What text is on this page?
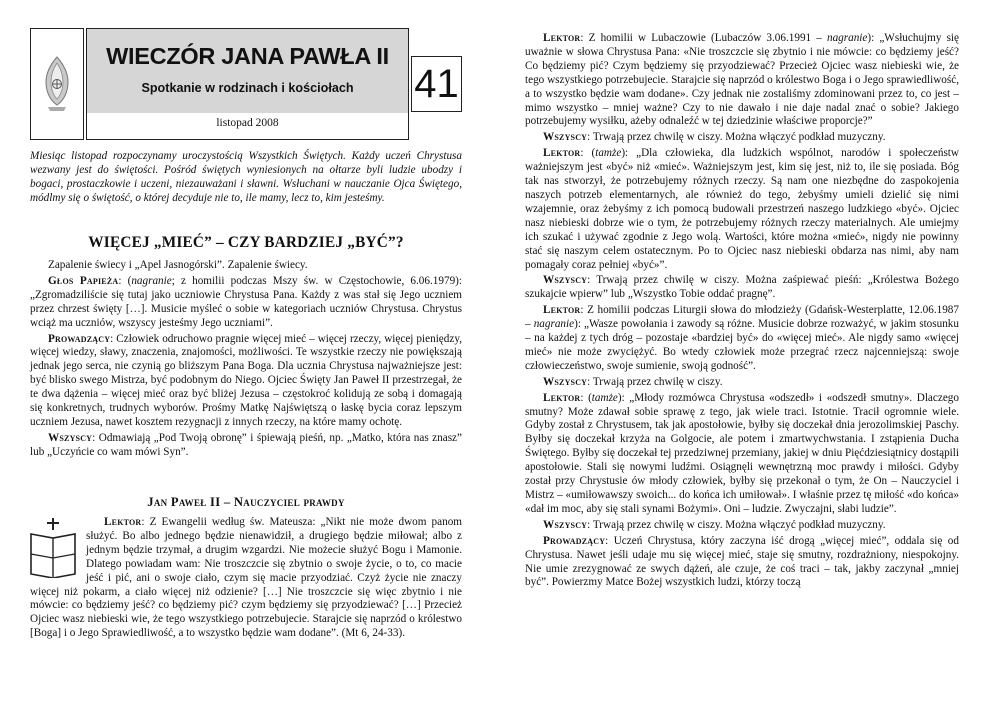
WIECZÓR JANA PAWŁA II
Spotkanie w rodzinach i kościołach
listopad 2008
41

Miesiąc listopad rozpoczynamy uroczystością Wszystkich Świętych. Każdy uczeń Chrystusa wezwany jest do świętości. Pośród świętych wyniesionych na ołtarze byli ludzie ubodzy i bogaci, prostaczkowie i uczeni, niezauważani i sławni. Wsłuchani w nauczanie Ojca Świętego, módlmy się o świętość, o której decyduje nie to, ile mamy, lecz to, kim jesteśmy.

WIĘCEJ „MIEĆ” – CZY BARDZIEJ „BYĆ”?

Zapalenie świecy i „Apel Jasnogórski”. Zapalenie świecy.

Głos Papieża: (nagranie; z homilii podczas Mszy św. w Częstochowie, 6.06.1979): „Zgromadziliście się tutaj jako uczniowie Chrystusa Pana. Każdy z was stał się Jego uczniem przez chrzest święty […]. Musicie myśleć o sobie w kategoriach uczniów Chrystusa. Chrystus wciąż ma uczniów, wszyscy jesteśmy Jego uczniami”.

Prowadzący: Człowiek odruchowo pragnie więcej mieć – więcej rzeczy, więcej pieniędzy, więcej wiedzy, sławy, znaczenia, znajomości, możliwości. Te wszystkie rzeczy nie powiększają jednak jego serca, nie czynią go bliższym Pana Boga. Dla ucznia Chrystusa najważniejsze jest: być blisko swego Mistrza, być podobnym do Niego. Ojciec Święty Jan Paweł II przestrzegał, że te dwa dążenia – więcej mieć oraz być bliżej Jezusa – częstokroć kolidują ze sobą i domagają się konkretnych, trudnych wyborów. Prośmy Matkę Najświętszą o łaskę bycia coraz lepszym uczniem Jezusa, nawet kosztem rezygnacji z innych rzeczy, na które mamy ochotę.

Wszyscy: Odmawiają „Pod Twoją obronę” i śpiewają pieśń, np. „Matko, która nas znasz” lub „Uczyńcie co wam mówi Syn”.

Jan Paweł II – Nauczyciel prawdy

Lektor: Z Ewangelii według św. Mateusza: „Nikt nie może dwom panom służyć. Bo albo jednego będzie nienawidził, a drugiego będzie miłował; albo z jednym będzie trzymał, a drugim wzgardzi. Nie możecie służyć Bogu i Mamonie. Dlatego powiadam wam: Nie troszczcie się zbytnio o swoje życie, o to, co macie jeść i pić, ani o swoje ciało, czym się macie przyodziać. Czyż życie nie znaczy więcej niż pokarm, a ciało więcej niż odzienie? […] Nie troszczcie się więc zbytnio i nie mówcie: co będziemy jeść? co będziemy pić? czym będziemy się przyodziewać? […] Przecież Ojciec wasz niebieski wie, że tego wszystkiego potrzebujecie. Starajcie się naprzód o królestwo [Boga] i o Jego Sprawiedliwość, a to wszystko będzie wam dodane”. (Mt 6, 24-33).

Lektor: Z homilii w Lubaczowie (Lubaczów 3.06.1991 – nagranie): „Wsłuchujmy się uważnie w słowa Chrystusa Pana: «Nie troszczcie się zbytnio i nie mówcie: co będziemy jeść? Co będziemy pić? Czym będziemy się przyodziewać? Przecież Ojciec wasz niebieski wie, że tego wszystkiego potrzebujecie. Starajcie się naprzód o królestwo Boga i o Jego sprawiedliwość, a to wszystko będzie wam dodane». Czy jednak nie zostaliśmy zdominowani przez to, co jest – mimo wszystko – mniej ważne? Czy to nie dawało i nie daje nadal znać o sobie? Jakiego potrzebujemy wysiłku, ażeby odnaleźć w tej dziedzinie właściwe proporcje?”

Wszyscy: Trwają przez chwilę w ciszy. Można włączyć podkład muzyczny.

Lektor: (tamże): „Dla człowieka, dla ludzkich wspólnot, narodów i społeczeństw ważniejszym jest «być» niż «mieć». Ważniejszym jest, kim się jest, niż to, ile się posiada. Bóg tak nas stworzył, że potrzebujemy różnych rzeczy. Są nam one niezbędne do zaspokojenia naszych potrzeb elementarnych, ale również do tego, żebyśmy umieli dzielić się nimi wzajemnie, oraz żebyśmy z ich pomocą budowali przestrzeń naszego ludzkiego «być». Ojciec nasz niebieski dobrze wie o tym, że potrzebujemy różnych rzeczy materialnych. Ale umiejmy ich szukać i używać zgodnie z Jego wolą. Wartości, które można «mieć», nigdy nie powinny stać się naszym celem ostatecznym. Po to Ojciec nasz niebieski obdarza nas nimi, aby nam pomagały coraz pełniej «być»”.

Wszyscy: Trwają przez chwilę w ciszy. Można zaśpiewać pieśń: „Królestwa Bożego szukajcie wpierw” lub „Wszystko Tobie oddać pragnę”.

Lektor: Z homilii podczas Liturgii słowa do młodzieży (Gdańsk-Westerplatte, 12.06.1987 – nagranie): „Wasze powołania i zawody są różne. Musicie dobrze rozważyć, w jakim stosunku – na każdej z tych dróg – pozostaje «bardziej być» do «więcej mieć». Ale nigdy samo «więcej mieć» nie może zwyciężyć. Bo wtedy człowiek może przegrać rzecz najcenniejszą: swoje człowieczeństwo, swoje sumienie, swoją godność”.

Wszyscy: Trwają przez chwilę w ciszy.

Lektor: (tamże): „Młody rozmówca Chrystusa «odszedł» i «odszedł smutny». Dlaczego smutny? Może zdawał sobie sprawę z tego, jak wiele traci. Istotnie. Tracił ogromnie wiele. Gdyby został z Chrystusem, tak jak apostołowie, byłby się doczekał dnia jerozolimskiej Paschy. Byłby się doczekał krzyża na Golgocie, ale potem i zmartwychwstania. I zstąpienia Ducha Świętego. Byłby się doczekał tej przedziwnej przemiany, jakiej w dniu Pięćdziesiątnicy dostąpili apostołowie. Stali się nowymi ludźmi. Osiągnęli wewnętrzną moc prawdy i miłości. Gdyby został przy Chrystusie ów młody człowiek, byłby się przekonał o tym, że On – Nauczyciel i Mistrz – «umiłowawszy swoich... do końca ich umiłował». I właśnie przez tę miłość «do końca» «dał im moc, aby się stali synami Bożymi». Oni – ludzie. Zwyczajni, słabi ludzie”.

Wszyscy: Trwają przez chwilę w ciszy. Można włączyć podkład muzyczny.

Prowadzący: Uczeń Chrystusa, który zaczyna iść drogą „więcej mieć”, oddala się od Chrystusa. Nawet jeśli udaje mu się więcej mieć, staje się smutny, rozdrażniony, niespokojny. Nie umie zrezygnować ze swych dążeń, ale czuje, że coś traci – tak, jakby zaczynał „mniej być”. Powierzmy Matce Bożej wszystkich ludzi, którzy toczą
